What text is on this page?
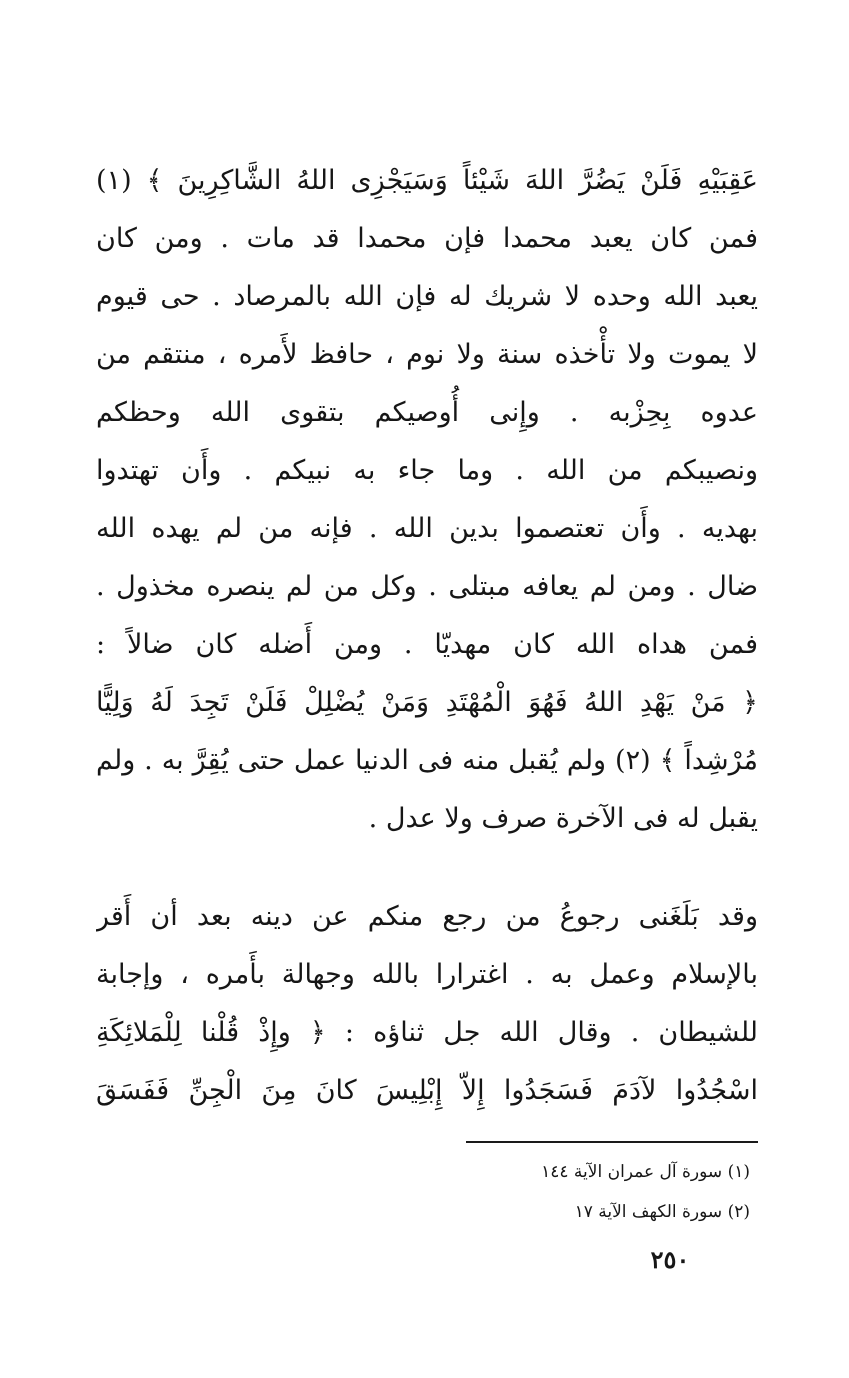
عَقِبَيْهِ فَلَنْ يَضُرَّ اللهَ شَيْئاً وَسَيَجْزِى اللهُ الشَّاكِرِينَ ﴾ (١)
فمن كان يعبد محمدا فإن محمدا قد مات . ومن كان
يعبد الله وحده لا شريك له فإن الله بالمرصاد . حى قيوم
لا يموت ولا تأْخذه سنة ولا نوم ، حافظ لأَمره ، منتقم من
عدوه بِحِزْبه . وإِنى أُوصيكم بتقوى الله وحظكم
ونصيبكم من الله . وما جاء به نبيكم . وأَن تهتدوا
بهديه . وأَن تعتصموا بدين الله . فإنه من لم يهده الله
ضال . ومن لم يعافه مبتلى . وكل من لم ينصره مخذول .
فمن هداه الله كان مهديّا . ومن أَضله كان ضالاً :
﴿ مَنْ يَهْدِ اللهُ فَهُوَ الْمُهْتَدِ وَمَنْ يُضْلِلْ فَلَنْ تَجِدَ لَهُ وَلِيًّا
مُرْشِداً ﴾ (٢) ولم يُقبل منه فى الدنيا عمل حتى يُقِرَّ به . ولم
يقبل له فى الآخرة صرف ولا عدل .
وقد بَلَغَنى رجوعُ من رجع منكم عن دينه بعد أن أَقر
بالإسلام وعمل به . اغترارا بالله وجهالة بأَمره ، وإجابة
للشيطان . وقال الله جل ثناؤه : ﴿ وإِذْ قُلْنا لِلْمَلائِكَةِ
اسْجُدُوا لآدَمَ فَسَجَدُوا إِلاّ إِبْلِيسَ كانَ مِنَ الْجِنِّ فَفَسَقَ
(١) سورة آل عمران الآية ١٤٤
(٢) سورة الكهف الآية ١٧
٢٥٠
